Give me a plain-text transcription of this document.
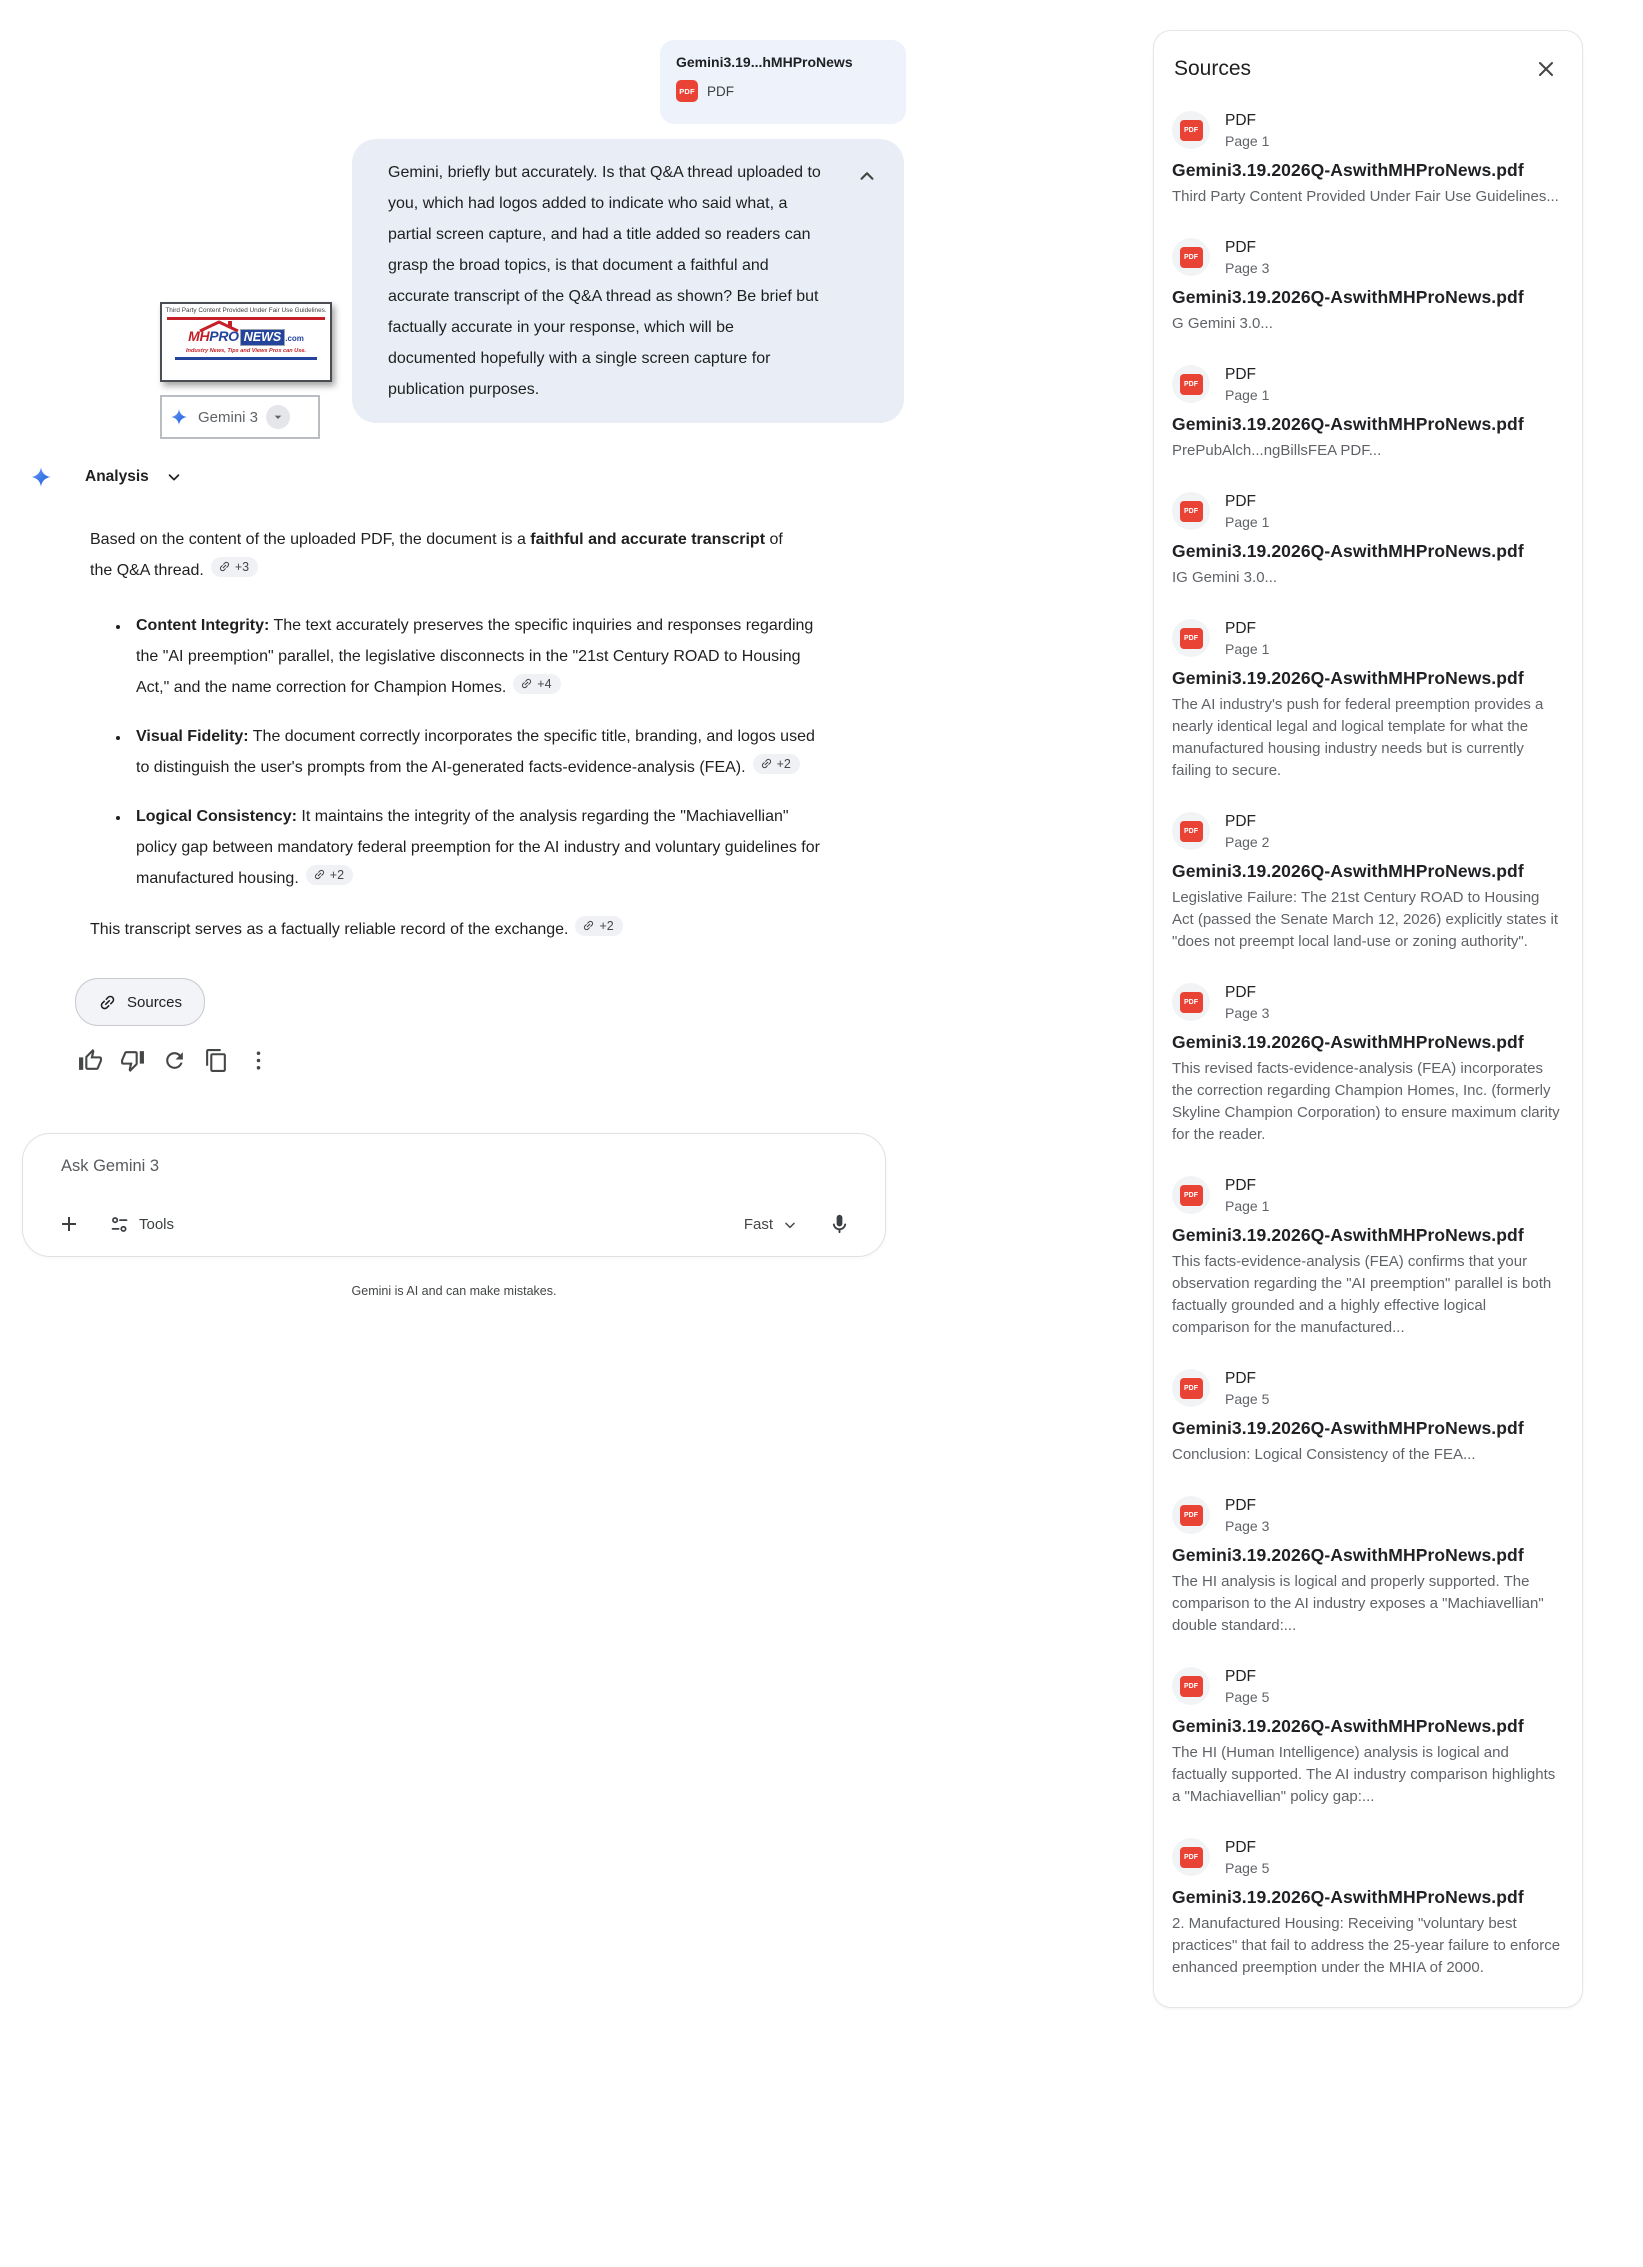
Gemini3.19...hMHProNews
PDF PDF
Gemini, briefly but accurately. Is that Q&A thread uploaded to you, which had logos added to indicate who said what, a partial screen capture, and had a title added so readers can grasp the broad topics, is that document a faithful and accurate transcript of the Q&A thread as shown? Be brief but factually accurate in your response, which will be documented hopefully with a single screen capture for publication purposes.
Third Party Content Provided Under Fair Use Guidelines.
MH PRO NEWS .com
Industry News, Tips and Views Pros can Use.
Gemini 3
Analysis

Based on the content of the uploaded PDF, the document is a faithful and accurate transcript of the Q&A thread. +3

• Content Integrity: The text accurately preserves the specific inquiries and responses regarding the "AI preemption" parallel, the legislative disconnects in the "21st Century ROAD to Housing Act," and the name correction for Champion Homes. +4
• Visual Fidelity: The document correctly incorporates the specific title, branding, and logos used to distinguish the user's prompts from the AI-generated facts-evidence-analysis (FEA). +2
• Logical Consistency: It maintains the integrity of the analysis regarding the "Machiavellian" policy gap between mandatory federal preemption for the AI industry and voluntary guidelines for manufactured housing. +2

This transcript serves as a factually reliable record of the exchange. +2

Sources
Ask Gemini 3
Tools	Fast
Gemini is AI and can make mistakes.
Sources
PDF
PDF
Page 1
Gemini3.19.2026Q-AswithMHProNews.pdf
Third Party Content Provided Under Fair Use Guidelines...
PDF
PDF
Page 3
Gemini3.19.2026Q-AswithMHProNews.pdf
G Gemini 3.0...
PDF
PDF
Page 1
Gemini3.19.2026Q-AswithMHProNews.pdf
PrePubAlch...ngBillsFEA PDF...
PDF
PDF
Page 1
Gemini3.19.2026Q-AswithMHProNews.pdf
IG Gemini 3.0...
PDF
PDF
Page 1
Gemini3.19.2026Q-AswithMHProNews.pdf
The AI industry's push for federal preemption provides a nearly identical legal and logical template for what the manufactured housing industry needs but is currently failing to secure.
PDF
PDF
Page 2
Gemini3.19.2026Q-AswithMHProNews.pdf
Legislative Failure: The 21st Century ROAD to Housing Act (passed the Senate March 12, 2026) explicitly states it "does not preempt local land-use or zoning authority".
PDF
PDF
Page 3
Gemini3.19.2026Q-AswithMHProNews.pdf
This revised facts-evidence-analysis (FEA) incorporates the correction regarding Champion Homes, Inc. (formerly Skyline Champion Corporation) to ensure maximum clarity for the reader.
PDF
PDF
Page 1
Gemini3.19.2026Q-AswithMHProNews.pdf
This facts-evidence-analysis (FEA) confirms that your observation regarding the "AI preemption" parallel is both factually grounded and a highly effective logical comparison for the manufactured...
PDF
PDF
Page 5
Gemini3.19.2026Q-AswithMHProNews.pdf
Conclusion: Logical Consistency of the FEA...
PDF
PDF
Page 3
Gemini3.19.2026Q-AswithMHProNews.pdf
The HI analysis is logical and properly supported. The comparison to the AI industry exposes a "Machiavellian" double standard:...
PDF
PDF
Page 5
Gemini3.19.2026Q-AswithMHProNews.pdf
The HI (Human Intelligence) analysis is logical and factually supported. The AI industry comparison highlights a "Machiavellian" policy gap:...
PDF
PDF
Page 5
Gemini3.19.2026Q-AswithMHProNews.pdf
2. Manufactured Housing: Receiving "voluntary best practices" that fail to address the 25-year failure to enforce enhanced preemption under the MHIA of 2000.
